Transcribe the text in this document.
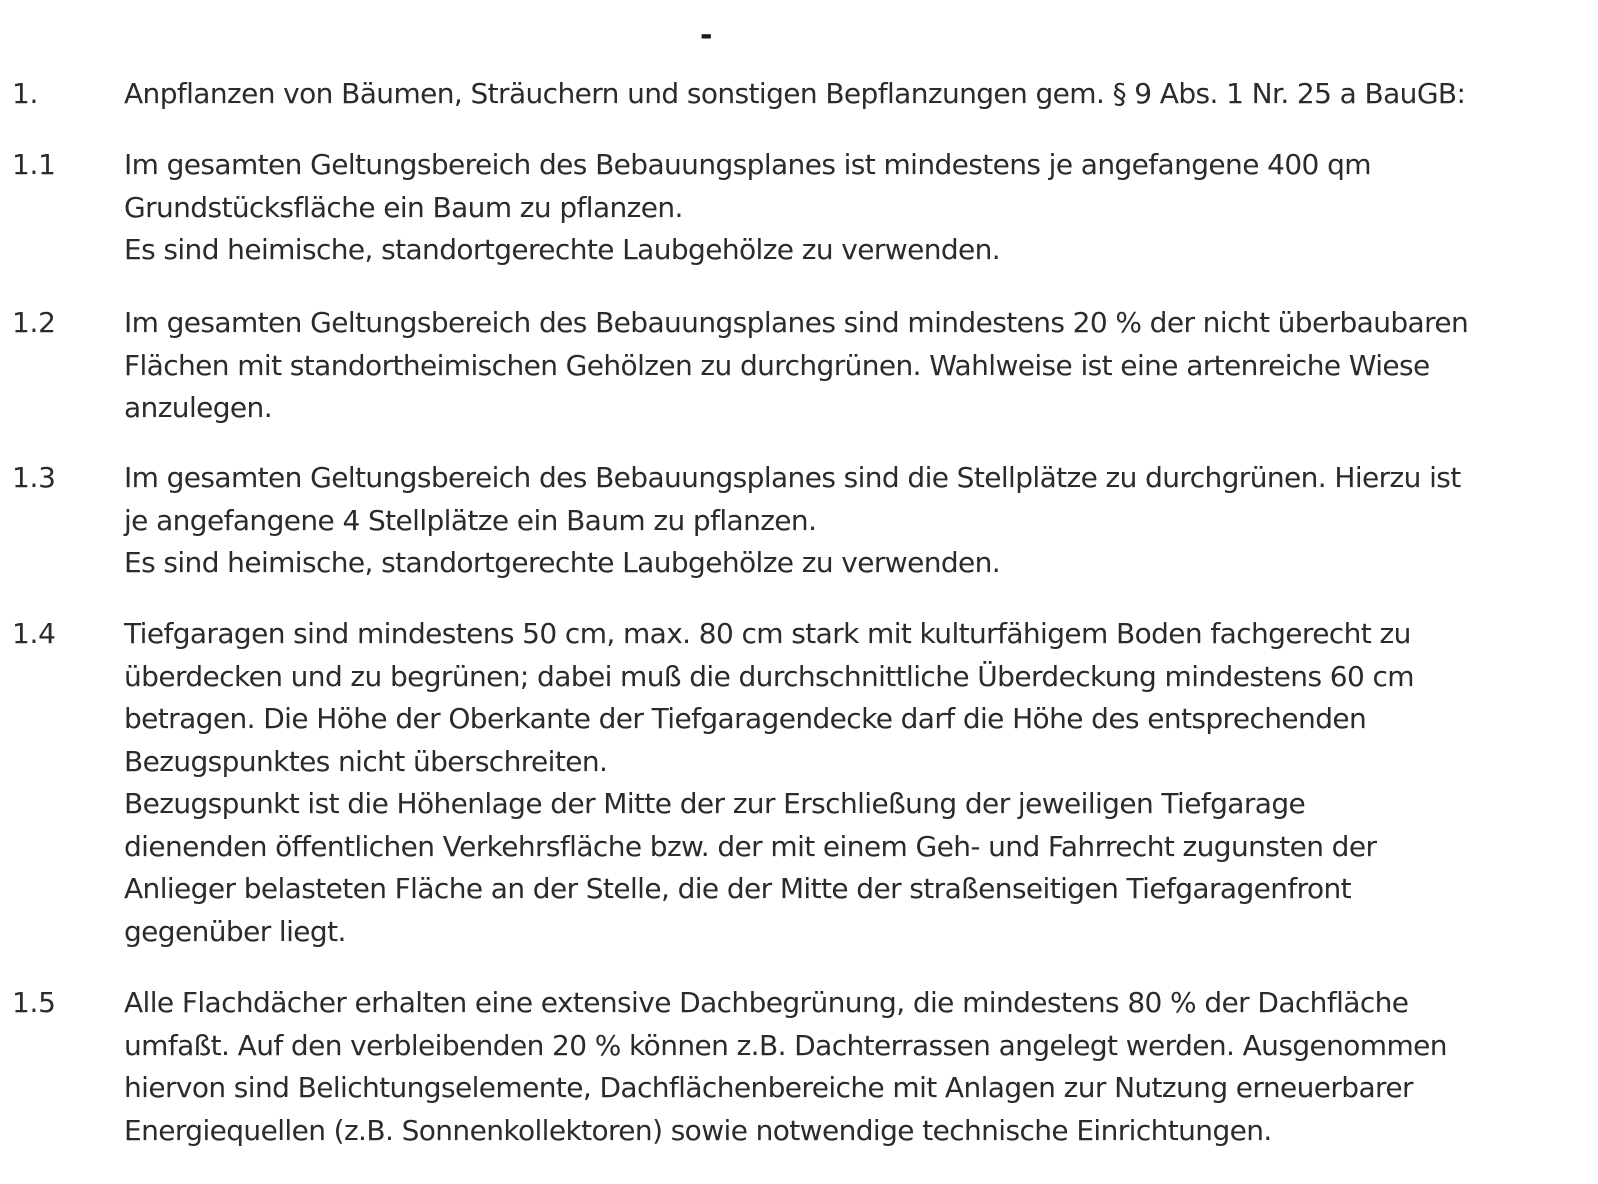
-
1.	Anpflanzen von Bäumen, Sträuchern und sonstigen Bepflanzungen gem. § 9 Abs. 1 Nr. 25 a BauGB:
1.1	Im gesamten Geltungsbereich des Bebauungsplanes ist mindestens je angefangene 400 qm
Grundstücksfläche ein Baum zu pflanzen.
Es sind heimische, standortgerechte Laubgehölze zu verwenden.
1.2	Im gesamten Geltungsbereich des Bebauungsplanes sind mindestens 20 % der nicht überbaubaren
Flächen mit standortheimischen Gehölzen zu durchgrünen. Wahlweise ist eine artenreiche Wiese
anzulegen.
1.3	Im gesamten Geltungsbereich des Bebauungsplanes sind die Stellplätze zu durchgrünen. Hierzu ist
je angefangene 4 Stellplätze ein Baum zu pflanzen.
Es sind heimische, standortgerechte Laubgehölze zu verwenden.
1.4	Tiefgaragen sind mindestens 50 cm, max. 80 cm stark mit kulturfähigem Boden fachgerecht zu
überdecken und zu begrünen; dabei muß die durchschnittliche Überdeckung mindestens 60 cm
betragen. Die Höhe der Oberkante der Tiefgaragendecke darf die Höhe des entsprechenden
Bezugspunktes nicht überschreiten.
Bezugspunkt ist die Höhenlage der Mitte der zur Erschließung der jeweiligen Tiefgarage
dienenden öffentlichen Verkehrsfläche bzw. der mit einem Geh- und Fahrrecht zugunsten der
Anlieger belasteten Fläche an der Stelle, die der Mitte der straßenseitigen Tiefgaragenfront
gegenüber liegt.
1.5	Alle Flachdächer erhalten eine extensive Dachbegrünung, die mindestens 80 % der Dachfläche
umfaßt. Auf den verbleibenden 20 % können z.B. Dachterrassen angelegt werden. Ausgenommen
hiervon sind Belichtungselemente, Dachflächenbereiche mit Anlagen zur Nutzung erneuerbarer
Energiequellen (z.B. Sonnenkollektoren) sowie notwendige technische Einrichtungen.
